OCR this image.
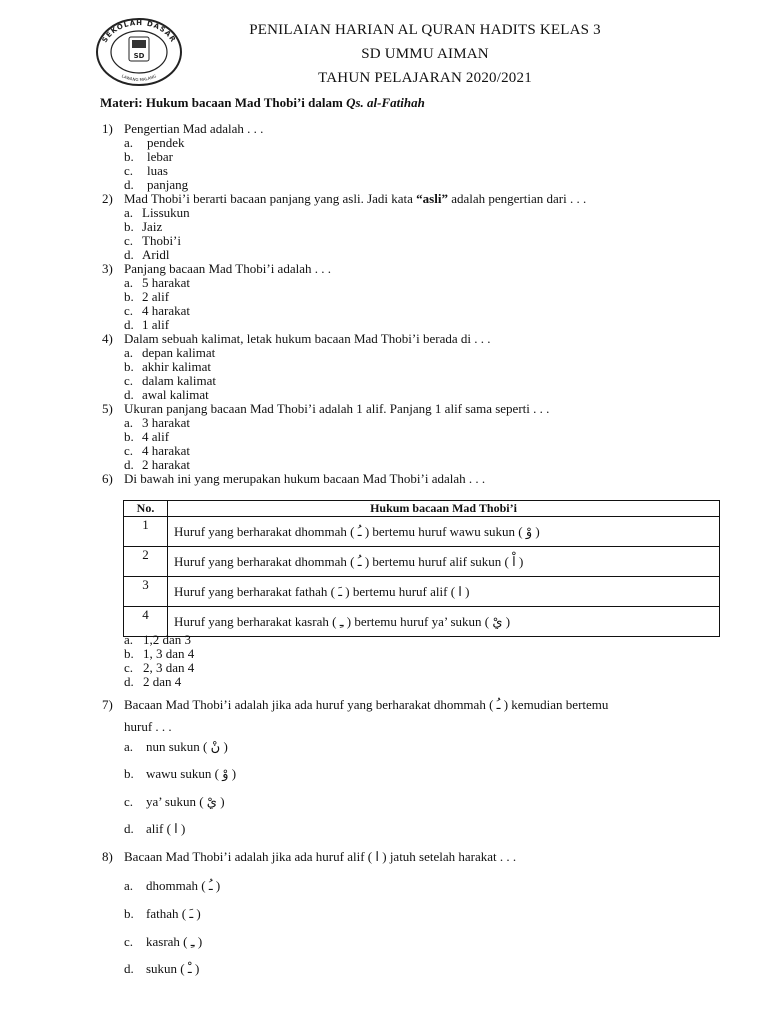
SEKOLAH DASAR
LAWANG MALANG
SD
PENILAIAN HARIAN AL QURAN HADITS KELAS 3
SD UMMU AIMAN
TAHUN PELAJARAN 2020/2021
Materi: Hukum bacaan Mad Thobi’i dalam Qs. al-Fatihah
1) Pengertian Mad adalah . . .
a. pendek
b. lebar
c. luas
d. panjang
2) Mad Thobi’i berarti bacaan panjang yang asli. Jadi kata “asli” adalah pengertian dari . . .
a. Lissukun
b. Jaiz
c. Thobi’i
d. Aridl
3) Panjang bacaan Mad Thobi’i adalah . . .
a. 5 harakat
b. 2 alif
c. 4 harakat
d. 1 alif
4) Dalam sebuah kalimat, letak hukum bacaan Mad Thobi’i berada di . . .
a. depan kalimat
b. akhir kalimat
c. dalam kalimat
d. awal kalimat
5) Ukuran panjang bacaan Mad Thobi’i adalah 1 alif. Panjang 1 alif sama seperti . . .
a. 3 harakat
b. 4 alif
c. 4 harakat
d. 2 harakat
6) Di bawah ini yang merupakan hukum bacaan Mad Thobi’i adalah . . .
No.	Hukum bacaan Mad Thobi’i
1	Huruf yang berharakat dhommah ( ـُ ) bertemu huruf wawu sukun ( وْ )
2	Huruf yang berharakat dhommah ( ـُ ) bertemu huruf alif sukun ( اْ )
3	Huruf yang berharakat fathah ( ـَ ) bertemu huruf alif ( ا )
4	Huruf yang berharakat kasrah ( ـِ ) bertemu huruf ya’ sukun ( يْ )
a. 1,2 dan 3
b. 1, 3 dan 4
c. 2, 3 dan 4
d. 2 dan 4
7) Bacaan Mad Thobi’i adalah jika ada huruf yang berharakat dhommah ( ـُ ) kemudian bertemu
huruf . . .
a. nun sukun ( نْ )
b. wawu sukun ( وْ )
c. ya’ sukun ( يْ )
d. alif ( ا )
8) Bacaan Mad Thobi’i adalah jika ada huruf alif ( ا ) jatuh setelah harakat . . .
a. dhommah ( ـُ )
b. fathah ( ـَ )
c. kasrah ( ـِ )
d. sukun ( ـْ )
